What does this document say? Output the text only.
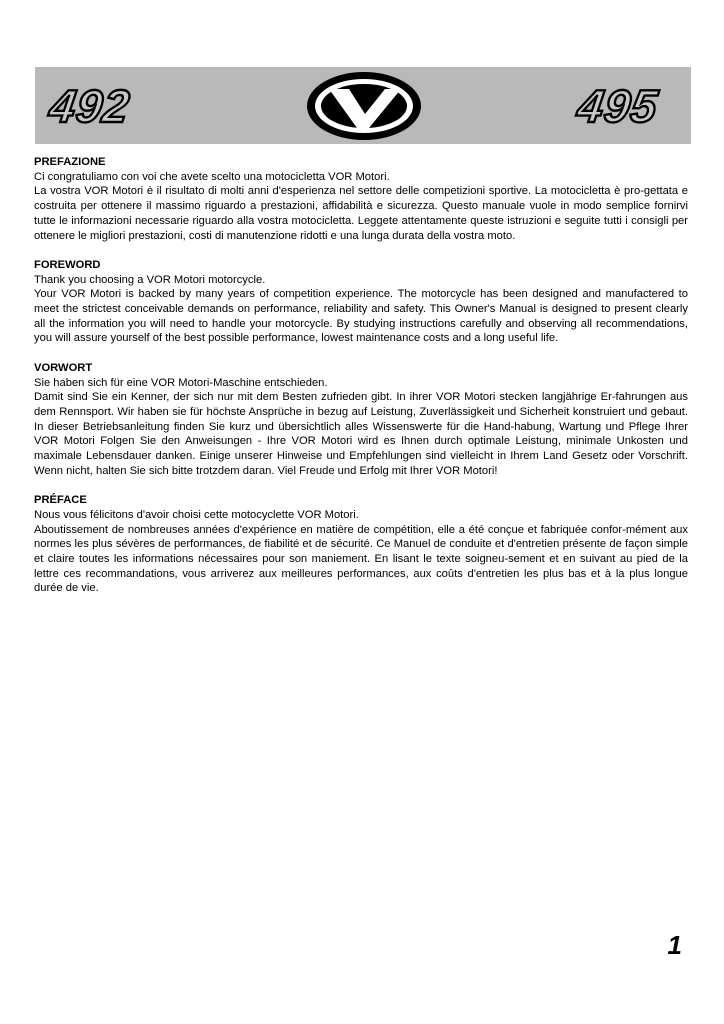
492	495
PREFAZIONE

Ci congratuliamo con voi che avete scelto una motocicletta VOR Motori.

La vostra VOR Motori è il risultato di molti anni d'esperienza nel settore delle competizioni sportive. La motocicletta è pro-gettata e costruita per ottenere il massimo riguardo a prestazioni, affidabilità e sicurezza. Questo manuale vuole in modo semplice fornirvi tutte le informazioni necessarie riguardo alla vostra motocicletta. Leggete attentamente queste istruzioni e seguite tutti i consigli per ottenere le migliori prestazioni, costi di manutenzione ridotti e una lunga durata della vostra moto.

FOREWORD

Thank you choosing a VOR Motori motorcycle.

Your VOR Motori is backed by many years of competition experience. The motorcycle has been designed and manufactered to meet the strictest conceivable demands on performance, reliability and safety. This Owner's Manual is designed to present clearly all the information you will need to handle your motorcycle. By studying instructions carefully and observing all recommendations, you will assure yourself of the best possible performance, lowest maintenance costs and a long useful life.

VORWORT

Sie haben sich für eine VOR Motori-Maschine entschieden.

Damit sind Sie ein Kenner, der sich nur mit dem Besten zufrieden gibt. In ihrer VOR Motori stecken langjährige Er-fahrungen aus dem Rennsport. Wir haben sie für höchste Ansprüche in bezug auf Leistung, Zuverlässigkeit und Sicherheit konstruiert und gebaut. In dieser Betriebsanleitung finden Sie kurz und übersichtlich alles Wissenswerte für die Hand-habung, Wartung und Pflege Ihrer VOR Motori Folgen Sie den Anweisungen - Ihre VOR Motori wird es Ihnen durch optimale Leistung, minimale Unkosten und maximale Lebensdauer danken. Einige unserer Hinweise und Empfehlungen sind vielleicht in Ihrem Land Gesetz oder Vorschrift. Wenn nicht, halten Sie sich bitte trotzdem daran. Viel Freude und Erfolg mit Ihrer VOR Motori!

PRÉFACE

Nous vous félicitons d'avoir choisi cette motocyclette VOR Motori.

Aboutissement de nombreuses années d'expérience en matière de compétition, elle a été conçue et fabriquée confor-mément aux normes les plus sévères de performances, de fiabilité et de sécurité. Ce Manuel de conduite et d'entretien présente de façon simple et claire toutes les informations nécessaires pour son maniement. En lisant le texte soigneu-sement et en suivant au pied de la lettre ces recommandations, vous arriverez aux meilleures performances, aux coûts d'entretien les plus bas et à la plus longue durée de vie.

1
